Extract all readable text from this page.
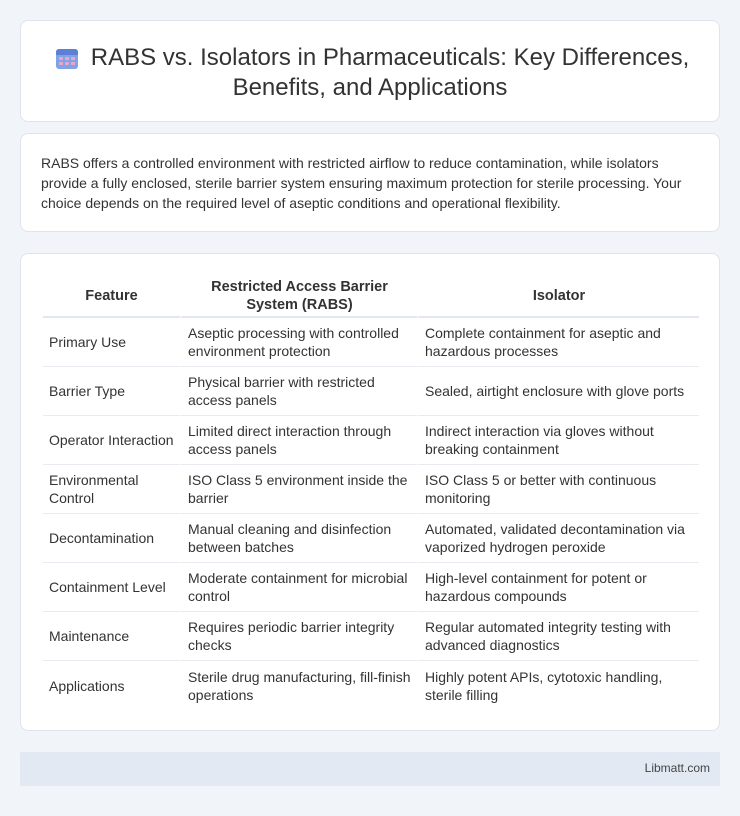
RABS vs. Isolators in Pharmaceuticals: Key Differences,
Benefits, and Applications

RABS offers a controlled environment with restricted airflow to reduce contamination, while isolators provide a fully enclosed, sterile barrier system ensuring maximum protection for sterile processing. Your choice depends on the required level of aseptic conditions and operational flexibility.

Feature	Restricted Access Barrier System (RABS)	Isolator
Primary Use	Aseptic processing with controlled environment protection	Complete containment for aseptic and hazardous processes
Barrier Type	Physical barrier with restricted access panels	Sealed, airtight enclosure with glove ports
Operator Interaction	Limited direct interaction through access panels	Indirect interaction via gloves without breaking containment
Environmental Control	ISO Class 5 environment inside the barrier	ISO Class 5 or better with continuous monitoring
Decontamination	Manual cleaning and disinfection between batches	Automated, validated decontamination via vaporized hydrogen peroxide
Containment Level	Moderate containment for microbial control	High-level containment for potent or hazardous compounds
Maintenance	Requires periodic barrier integrity checks	Regular automated integrity testing with advanced diagnostics
Applications	Sterile drug manufacturing, fill-finish operations	Highly potent APIs, cytotoxic handling, sterile filling
Libmatt.com
